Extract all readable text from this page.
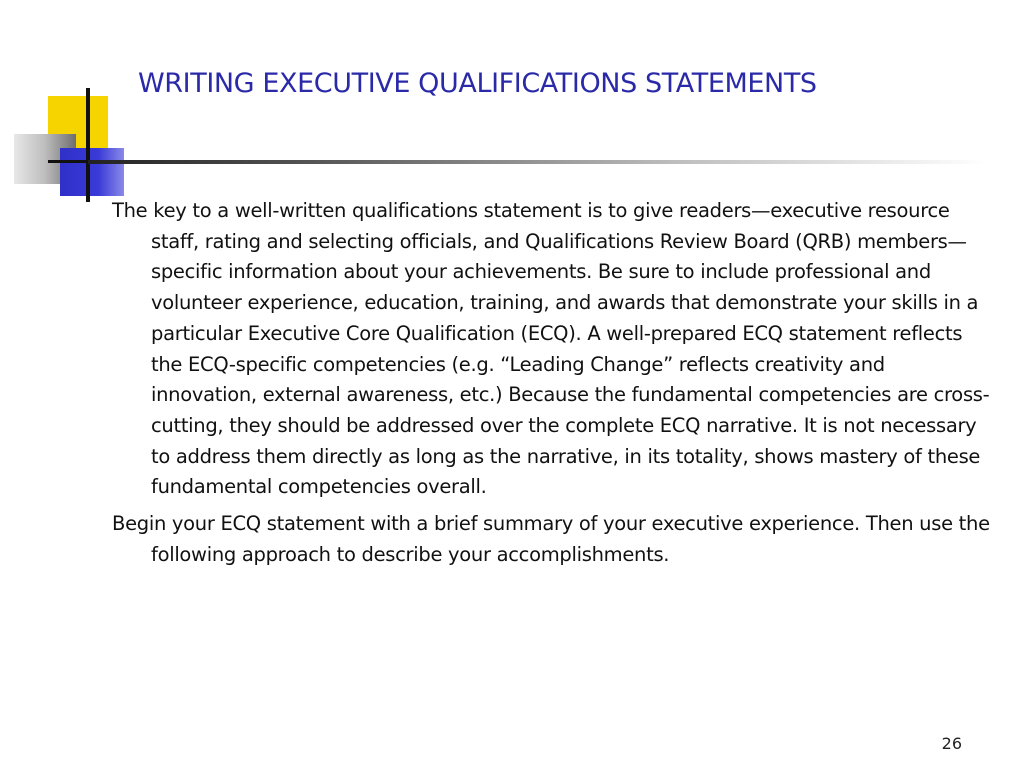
WRITING EXECUTIVE QUALIFICATIONS STATEMENTS

The key to a well-written qualifications statement is to give readers—executive resource staff, rating and selecting officials, and Qualifications Review Board (QRB) members—specific information about your achievements. Be sure to include professional and volunteer experience, education, training, and awards that demonstrate your skills in a particular Executive Core Qualification (ECQ). A well-prepared ECQ statement reflects the ECQ-specific competencies (e.g. “Leading Change” reflects creativity and innovation, external awareness, etc.) Because the fundamental competencies are cross-cutting, they should be addressed over the complete ECQ narrative. It is not necessary to address them directly as long as the narrative, in its totality, shows mastery of these fundamental competencies overall.

Begin your ECQ statement with a brief summary of your executive experience. Then use the following approach to describe your accomplishments.

26
